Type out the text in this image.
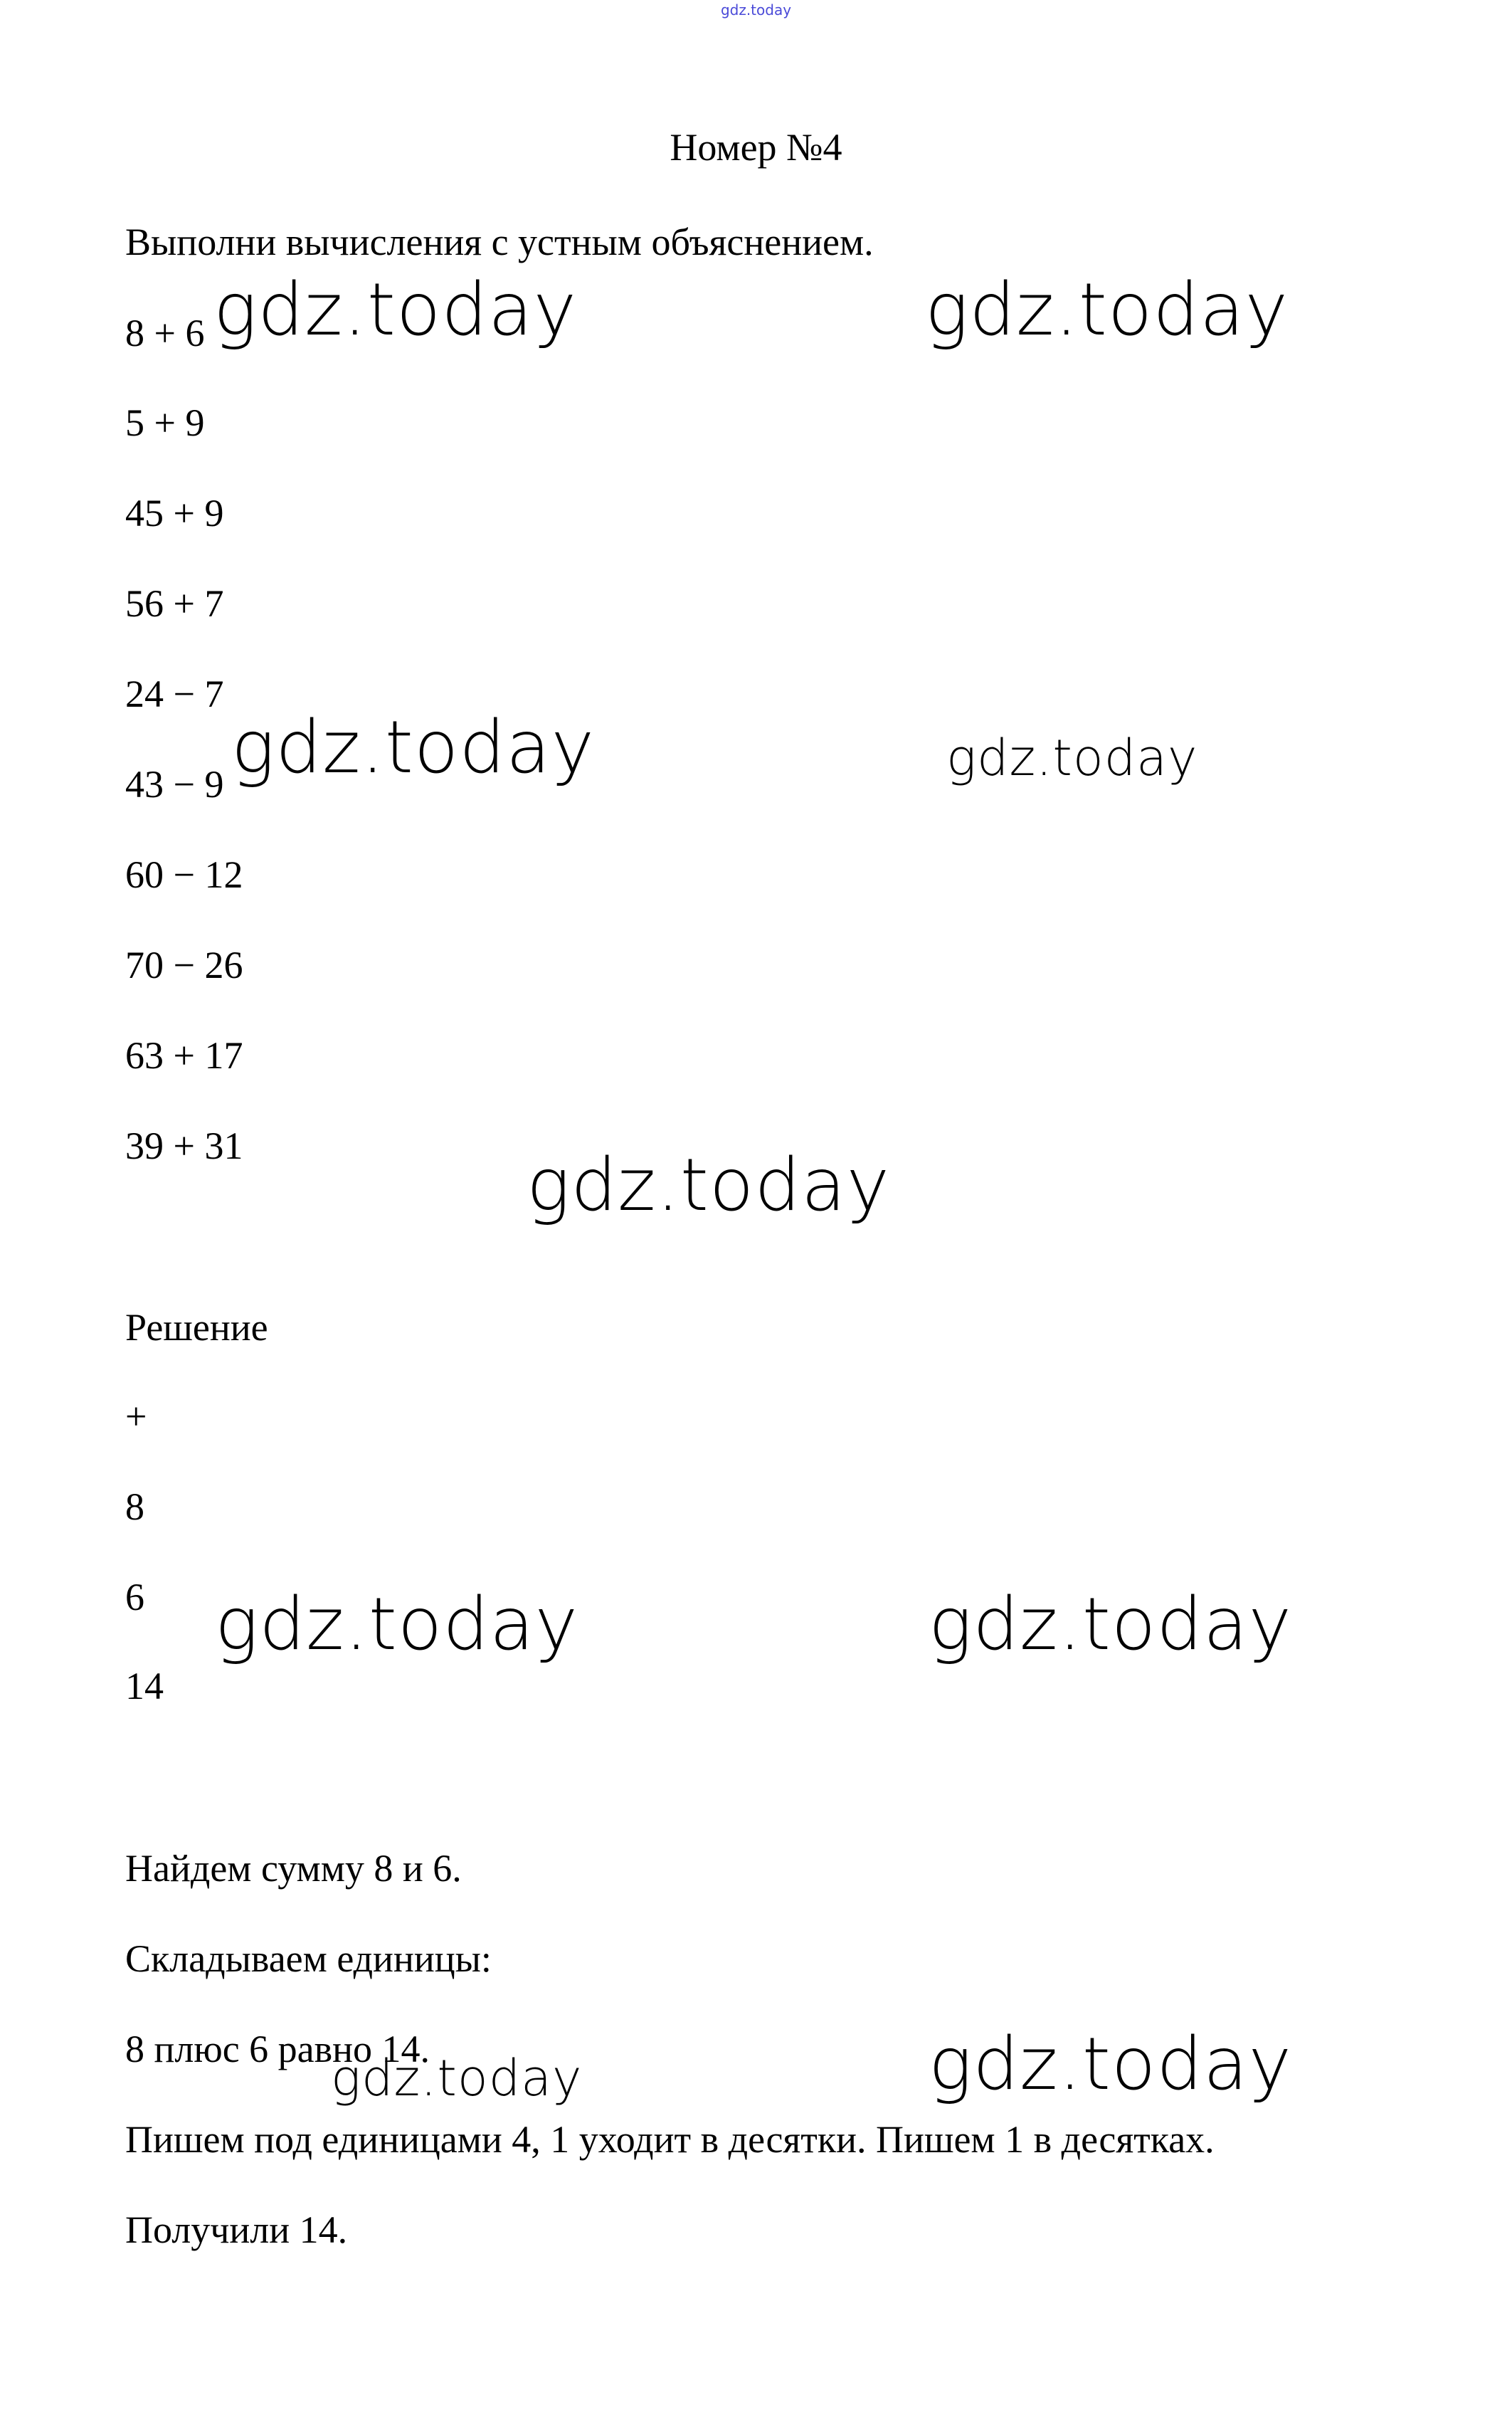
gdz.today
Номер №4
Выполни вычисления с устным объяснением.
8 + 6
5 + 9
45 + 9
56 + 7
24 − 7
43 − 9
60 − 12
70 − 26
63 + 17
39 + 31
Решение
+
8
6
14
Найдем сумму 8 и 6.
Складываем единицы:
8 плюс 6 равно 14.
Пишем под единицами 4, 1 уходит в десятки. Пишем 1 в десятках.
Получили 14.
gdz.today	gdz.today
gdz.today	gdz.today
gdz.today
gdz.today	gdz.today
gdz.today	gdz.today
